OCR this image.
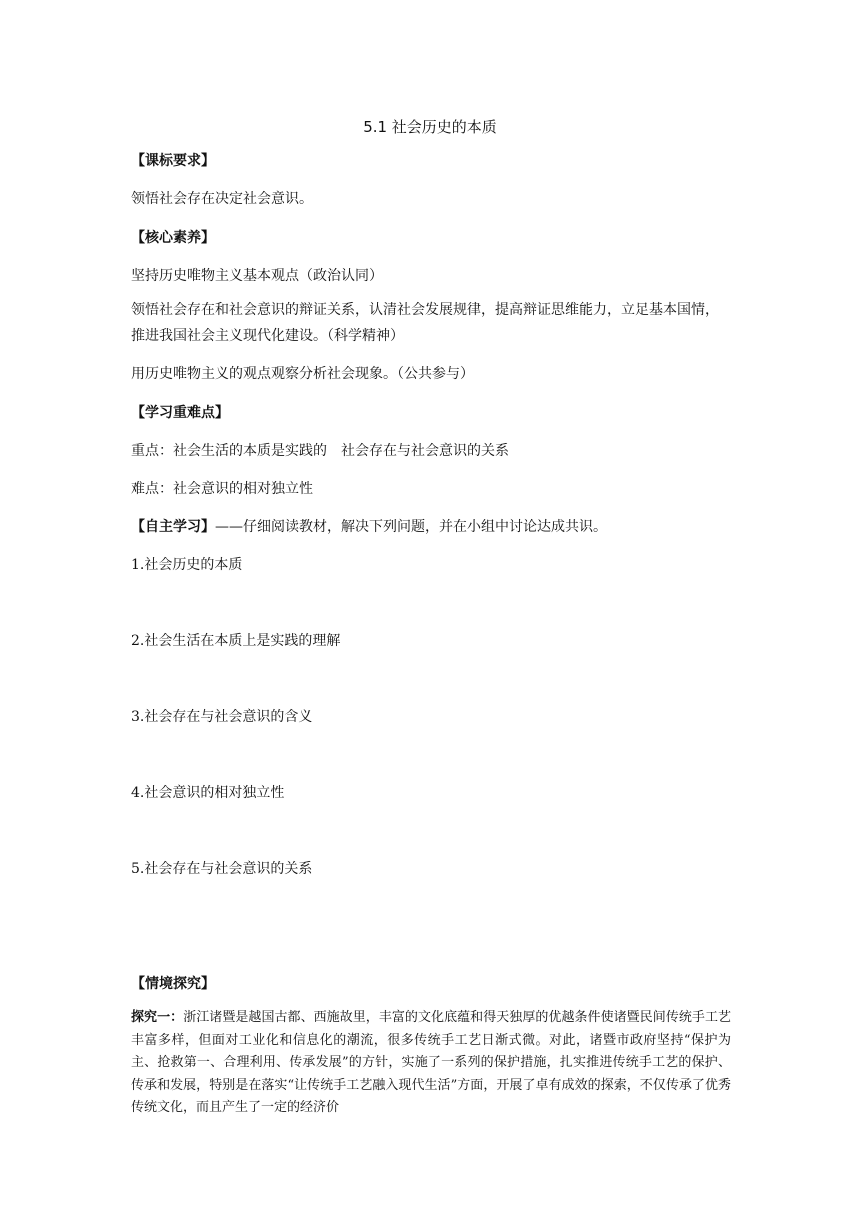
5.1 社会历史的本质
【课标要求】
领悟社会存在决定社会意识。
【核心素养】
坚持历史唯物主义基本观点（政治认同）
领悟社会存在和社会意识的辩证关系，认清社会发展规律，提高辩证思维能力，立足基本国情，推进我国社会主义现代化建设。（科学精神）
用历史唯物主义的观点观察分析社会现象。（公共参与）
【学习重难点】
重点：社会生活的本质是实践的　社会存在与社会意识的关系
难点：社会意识的相对独立性
【自主学习】——仔细阅读教材，解决下列问题，并在小组中讨论达成共识。
1.社会历史的本质
2.社会生活在本质上是实践的理解
3.社会存在与社会意识的含义
4.社会意识的相对独立性
5.社会存在与社会意识的关系
【情境探究】
探究一：浙江诸暨是越国古都、西施故里，丰富的文化底蕴和得天独厚的优越条件使诸暨民间传统手工艺丰富多样，但面对工业化和信息化的潮流，很多传统手工艺日渐式微。对此，诸暨市政府坚持“保护为主、抢救第一、合理利用、传承发展”的方针，实施了一系列的保护措施，扎实推进传统手工艺的保护、传承和发展，特别是在落实“让传统手工艺融入现代生活”方面，开展了卓有成效的探索，不仅传承了优秀传统文化，而且产生了一定的经济价
